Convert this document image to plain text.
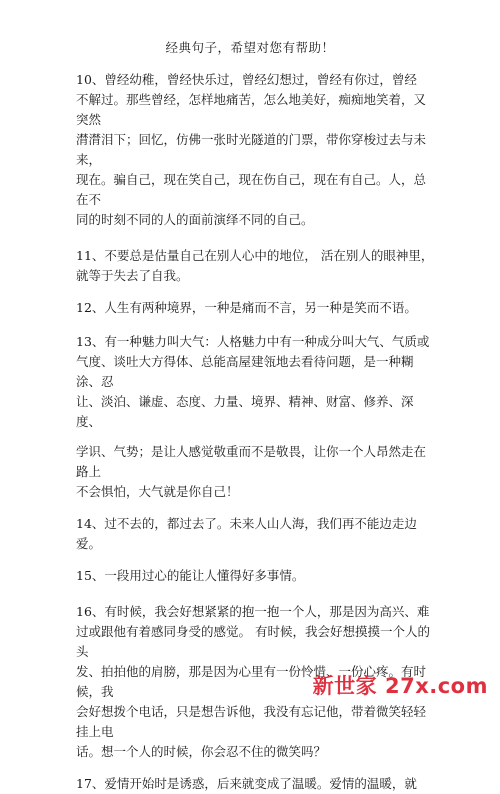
经典句子，希望对您有帮助！

10、曾经幼稚，曾经快乐过，曾经幻想过，曾经有你过，曾经
不解过。那些曾经，怎样地痛苦，怎么地美好，痴痴地笑着，又突然
潸潸泪下；回忆，仿佛一张时光隧道的门票，带你穿梭过去与未来，
现在。骗自己，现在笑自己，现在伤自己，现在有自己。人，总在不
同的时刻不同的人的面前演绎不同的自己。

11、不要总是估量自己在别人心中的地位， 活在别人的眼神里，
就等于失去了自我。

12、人生有两种境界，一种是痛而不言，另一种是笑而不语。

13、有一种魅力叫大气：人格魅力中有一种成分叫大气、气质或
气度、谈吐大方得体、总能高屋建瓴地去看待问题，是一种糊涂、忍
让、淡泊、谦虚、态度、力量、境界、精神、财富、修养、深度、

学识、气势；是让人感觉敬重而不是敬畏，让你一个人昂然走在路上
不会惧怕，大气就是你自己！

14、过不去的，都过去了。未来人山人海，我们再不能边走边
爱。

15、一段用过心的能让人懂得好多事情。

16、有时候，我会好想紧紧的抱一抱一个人，那是因为高兴、难
过或跟他有着感同身受的感觉。 有时候，我会好想摸摸一个人的头
发、拍拍他的肩膀，那是因为心里有一份怜惜、一份心疼。有时候，我
会好想拨个电话，只是想告诉他，我没有忘记他，带着微笑轻轻挂上电
话。想一个人的时候，你会忍不住的微笑吗？

17、爱情开始时是诱惑，后来就变成了温暖。爱情的温暖，就

新世家 27x.com
